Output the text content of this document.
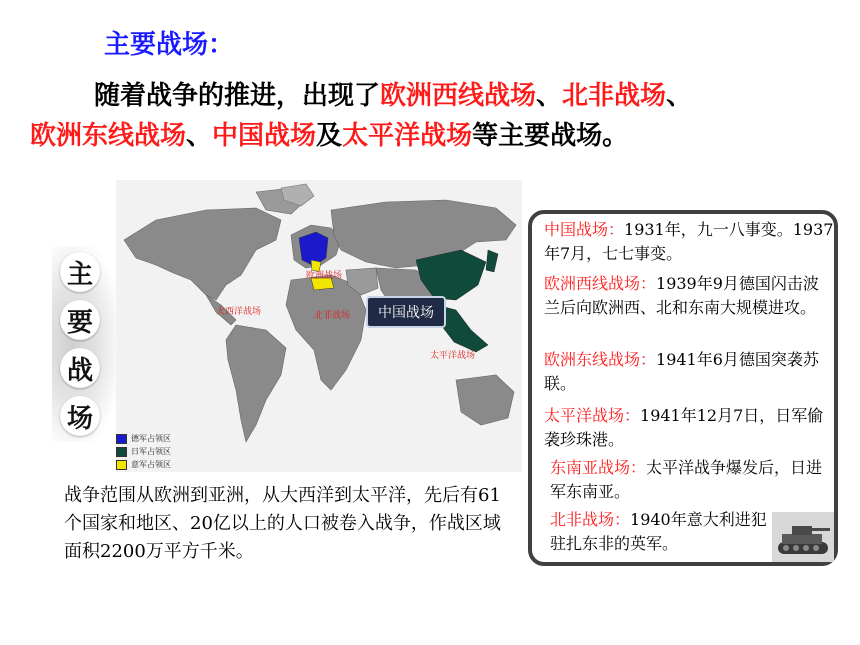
主要战场：
随着战争的推进，出现了欧洲西线战场、北非战场、
欧洲东线战场、中国战场及太平洋战场等主要战场。
主
要
战
场
欧洲战场
大西洋战场	北非战场
太平洋战场
德军占领区
日军占领区
意军占领区
中国战场
战争范围从欧洲到亚洲，从大西洋到太平洋，先后有61个国家和地区、20亿以上的人口被卷入战争，作战区域面积2200万平方千米。
中国战场：1931年，九一八事变。1937年7月，七七事变。
欧洲西线战场：1939年9月德国闪击波兰后向欧洲西、北和东南大规模进攻。
欧洲东线战场：1941年6月德国突袭苏联。
太平洋战场：1941年12月7日，日军偷袭珍珠港。
东南亚战场：太平洋战争爆发后，日进军东南亚。
北非战场：1940年意大利进犯驻扎东非的英军。
